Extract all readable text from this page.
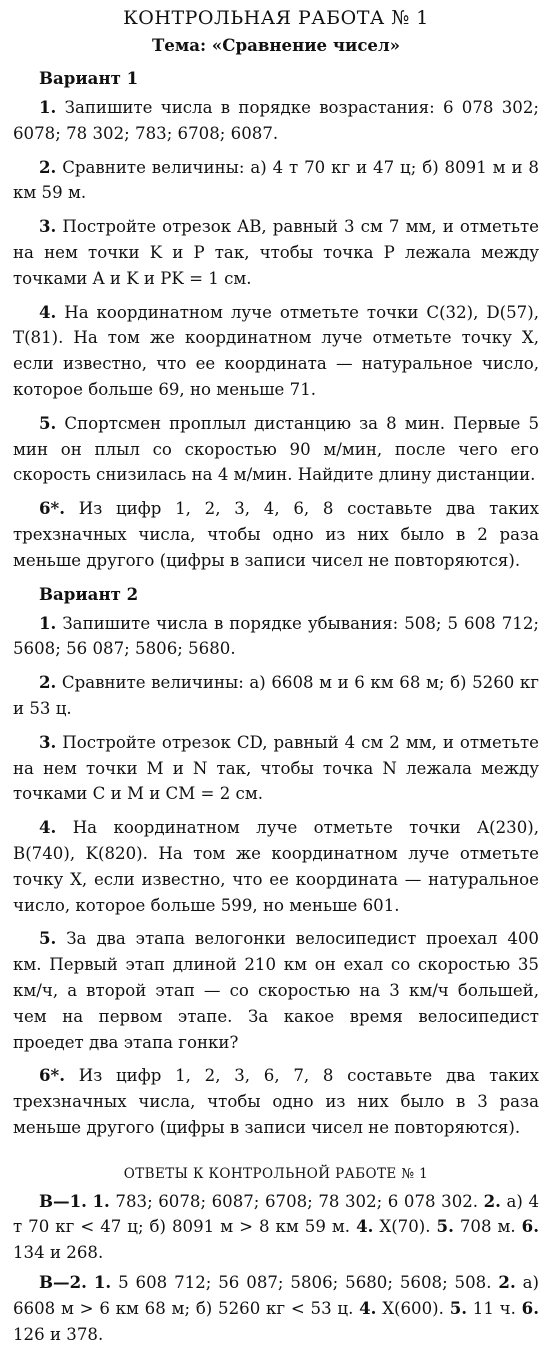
КОНТРОЛЬНАЯ РАБОТА № 1

Тема: «Сравнение чисел»

Вариант 1

1. Запишите числа в порядке возрастания: 6 078 302; 6078; 78 302; 783; 6708; 6087.

2. Сравните величины: а) 4 т 70 кг и 47 ц; б) 8091 м и 8 км 59 м.

3. Постройте отрезок AB, равный 3 см 7 мм, и отметьте на нем точки K и P так, чтобы точка P лежала между точками A и K и PK = 1 см.

4. На координатном луче отметьте точки C(32), D(57), T(81). На том же координатном луче отметьте точку X, если известно, что ее координата — натуральное число, которое больше 69, но меньше 71.

5. Спортсмен проплыл дистанцию за 8 мин. Первые 5 мин он плыл со скоростью 90 м/мин, после чего его скорость снизилась на 4 м/мин. Найдите длину дистанции.

6*. Из цифр 1, 2, 3, 4, 6, 8 составьте два таких трехзначных числа, чтобы одно из них было в 2 раза меньше другого (цифры в записи чисел не повторяются).

Вариант 2

1. Запишите числа в порядке убывания: 508; 5 608 712; 5608; 56 087; 5806; 5680.

2. Сравните величины: а) 6608 м и 6 км 68 м; б) 5260 кг и 53 ц.

3. Постройте отрезок CD, равный 4 см 2 мм, и отметьте на нем точки M и N так, чтобы точка N лежала между точками C и M и CM = 2 см.

4. На координатном луче отметьте точки A(230), B(740), K(820). На том же координатном луче отметьте точку X, если известно, что ее координата — натуральное число, которое больше 599, но меньше 601.

5. За два этапа велогонки велосипедист проехал 400 км. Первый этап длиной 210 км он ехал со скоростью 35 км/ч, а второй этап — со скоростью на 3 км/ч большей, чем на первом этапе. За какое время велосипедист проедет два этапа гонки?

6*. Из цифр 1, 2, 3, 6, 7, 8 составьте два таких трехзначных числа, чтобы одно из них было в 3 раза меньше другого (цифры в записи чисел не повторяются).

ОТВЕТЫ К КОНТРОЛЬНОЙ РАБОТЕ № 1

В—1. 1. 783; 6078; 6087; 6708; 78 302; 6 078 302. 2. а) 4 т 70 кг < 47 ц; б) 8091 м > 8 км 59 м. 4. X(70). 5. 708 м. 6. 134 и 268.

В—2. 1. 5 608 712; 56 087; 5806; 5680; 5608; 508. 2. а) 6608 м > 6 км 68 м; б) 5260 кг < 53 ц. 4. X(600). 5. 11 ч. 6. 126 и 378.
